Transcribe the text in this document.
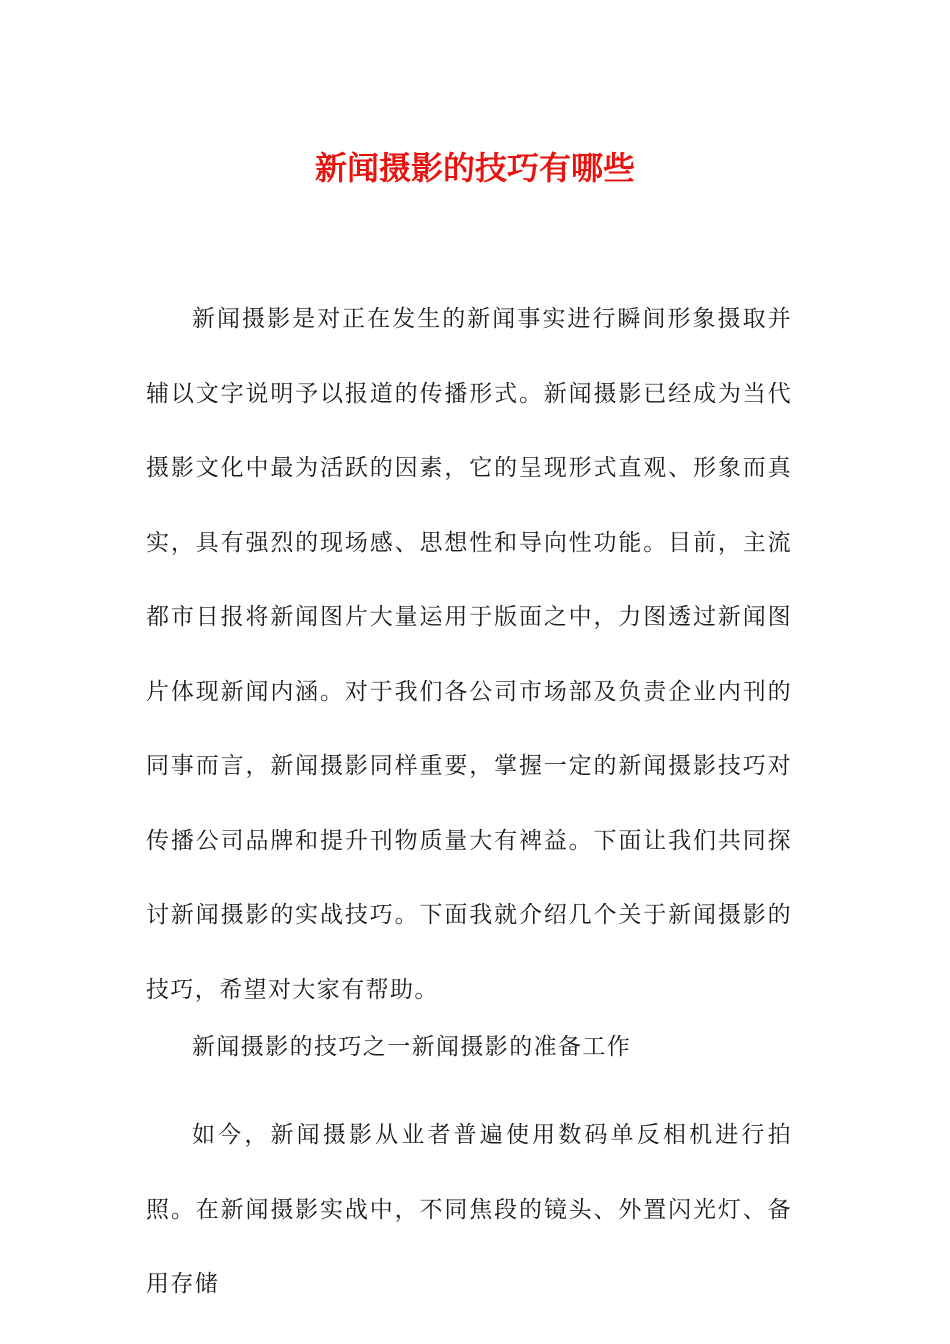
新闻摄影的技巧有哪些
新闻摄影是对正在发生的新闻事实进行瞬间形象摄取并辅以文字说明予以报道的传播形式。新闻摄影已经成为当代摄影文化中最为活跃的因素，它的呈现形式直观、形象而真实，具有强烈的现场感、思想性和导向性功能。目前，主流都市日报将新闻图片大量运用于版面之中，力图透过新闻图片体现新闻内涵。对于我们各公司市场部及负责企业内刊的同事而言，新闻摄影同样重要，掌握一定的新闻摄影技巧对传播公司品牌和提升刊物质量大有裨益。下面让我们共同探讨新闻摄影的实战技巧。下面我就介绍几个关于新闻摄影的技巧，希望对大家有帮助。
新闻摄影的技巧之一新闻摄影的准备工作
如今，新闻摄影从业者普遍使用数码单反相机进行拍照。在新闻摄影实战中，不同焦段的镜头、外置闪光灯、备用存储
